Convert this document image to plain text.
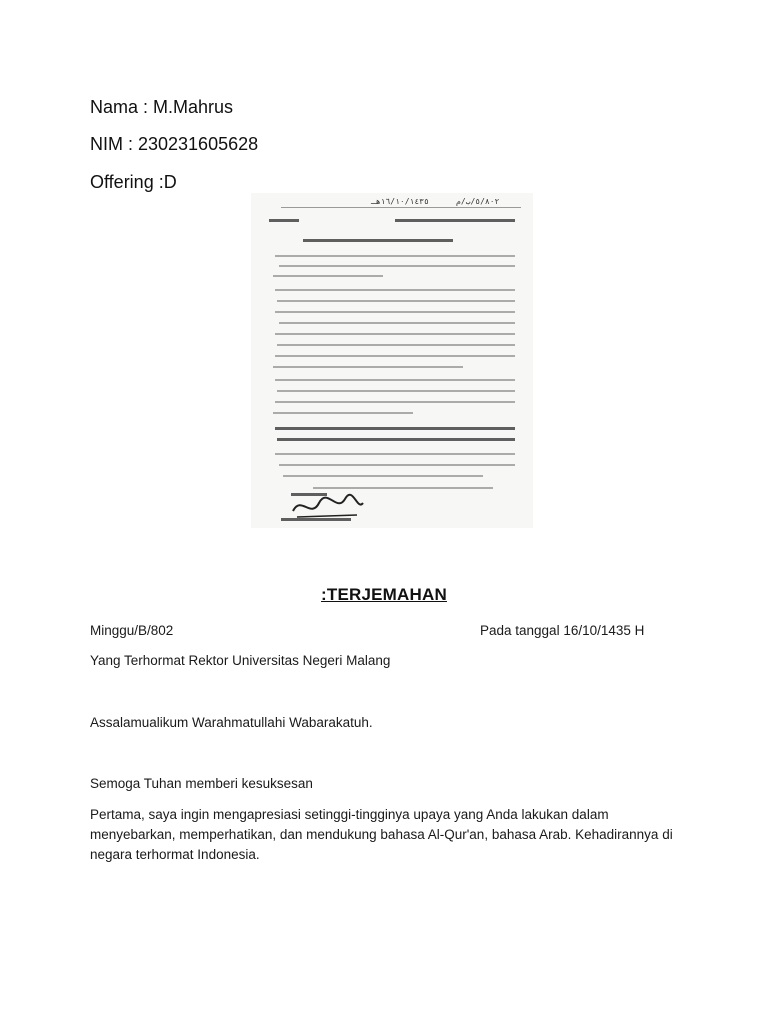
Nama : M.Mahrus
NIM : 230231605628
Offering :D
١٦/١٠/١٤٣٥هـ	٥/٨٠٢/ب/م
:TERJEMAHAN
Minggu/B/802	Pada tanggal 16/10/1435 H
Yang Terhormat Rektor Universitas Negeri Malang
Assalamualikum Warahmatullahi Wabarakatuh.
Semoga Tuhan memberi kesuksesan
Pertama, saya ingin mengapresiasi setinggi-tingginya upaya yang Anda lakukan dalam menyebarkan, memperhatikan, dan mendukung bahasa Al-Qur'an, bahasa Arab. Kehadirannya di negara terhormat Indonesia.
